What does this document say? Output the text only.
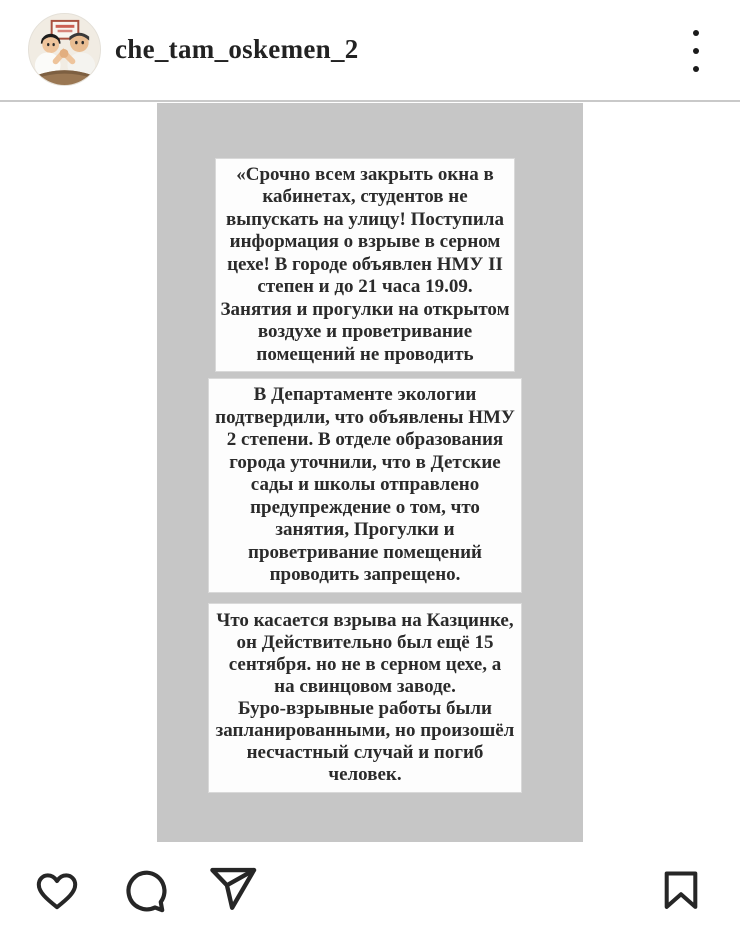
che_tam_oskemen_2
«Срочно всем закрыть окна в
кабинетах, студентов не
выпускать на улицу! Поступила
информация о взрыве в серном
цехе! В городе объявлен НМУ II
степен и до 21 часа 19.09.
Занятия и прогулки на открытом
воздухе и проветривание
помещений не проводить
В Департаменте экологии
подтвердили, что объявлены НМУ
2 степени. В отделе образования
города уточнили, что в Детские
сады и школы отправлено
предупреждение о том, что
занятия, Прогулки и
проветривание помещений
проводить запрещено.
Что касается взрыва на Казцинке,
он Действительно был ещё 15
сентября. но не в серном цехе, а
на свинцовом заводе.
Буро-взрывные работы были
запланированными, но произошёл
несчастный случай и погиб
человек.
